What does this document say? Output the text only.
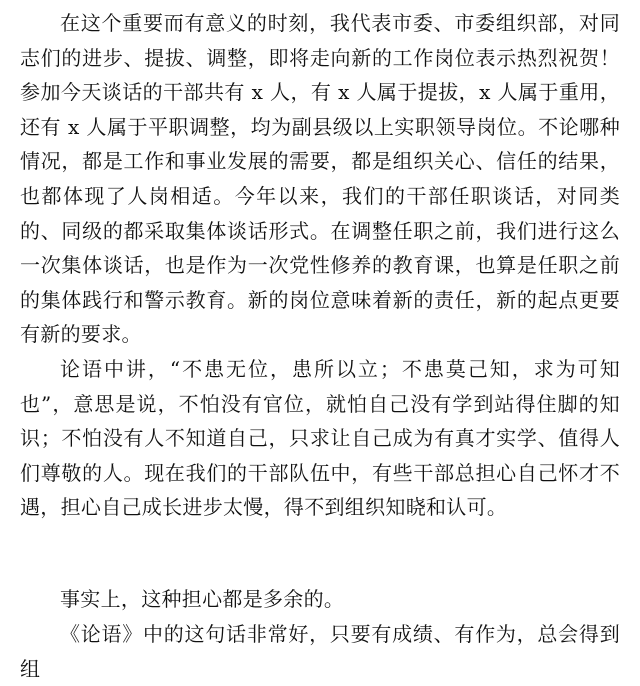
在这个重要而有意义的时刻，我代表市委、市委组织部，对同志们的进步、提拔、调整，即将走向新的工作岗位表示热烈祝贺！参加今天谈话的干部共有 x 人，有 x 人属于提拔，x 人属于重用，还有 x 人属于平职调整，均为副县级以上实职领导岗位。不论哪种情况，都是工作和事业发展的需要，都是组织关心、信任的结果，也都体现了人岗相适。今年以来，我们的干部任职谈话，对同类的、同级的都采取集体谈话形式。在调整任职之前，我们进行这么一次集体谈话，也是作为一次党性修养的教育课，也算是任职之前的集体践行和警示教育。新的岗位意味着新的责任，新的起点更要有新的要求。

论语中讲，“不患无位，患所以立；不患莫己知，求为可知也”，意思是说，不怕没有官位，就怕自己没有学到站得住脚的知识；不怕没有人不知道自己，只求让自己成为有真才实学、值得人们尊敬的人。现在我们的干部队伍中，有些干部总担心自己怀才不遇，担心自己成长进步太慢，得不到组织知晓和认可。

事实上，这种担心都是多余的。

《论语》中的这句话非常好，只要有成绩、有作为，总会得到组
